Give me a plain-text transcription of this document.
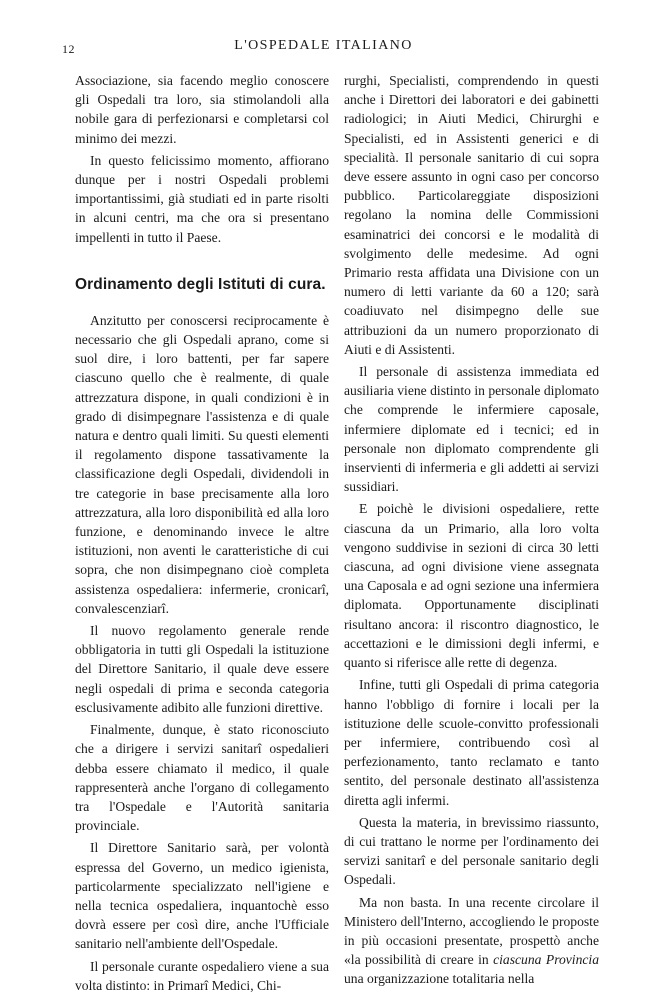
12	L'OSPEDALE ITALIANO

Associazione, sia facendo meglio conoscere gli Ospedali tra loro, sia stimolandoli alla nobile gara di perfezionarsi e completarsi col minimo dei mezzi.

In questo felicissimo momento, affiorano dunque per i nostri Ospedali problemi importantissimi, già studiati ed in parte risolti in alcuni centri, ma che ora si presentano impellenti in tutto il Paese.

Ordinamento degli Istituti di cura.

Anzitutto per conoscersi reciprocamente è necessario che gli Ospedali aprano, come si suol dire, i loro battenti, per far sapere ciascuno quello che è realmente, di quale attrezzatura dispone, in quali condizioni è in grado di disimpegnare l'assistenza e di quale natura e dentro quali limiti. Su questi elementi il regolamento dispone tassativamente la classificazione degli Ospedali, dividendoli in tre categorie in base precisamente alla loro attrezzatura, alla loro disponibilità ed alla loro funzione, e denominando invece le altre istituzioni, non aventi le caratteristiche di cui sopra, che non disimpegnano cioè completa assistenza ospedaliera: infermerie, cronicarî, convalescenziarî.

Il nuovo regolamento generale rende obbligatoria in tutti gli Ospedali la istituzione del Direttore Sanitario, il quale deve essere negli ospedali di prima e seconda categoria esclusivamente adibito alle funzioni direttive.

Finalmente, dunque, è stato riconosciuto che a dirigere i servizi sanitarî ospedalieri debba essere chiamato il medico, il quale rappresenterà anche l'organo di collegamento tra l'Ospedale e l'Autorità sanitaria provinciale.

Il Direttore Sanitario sarà, per volontà espressa del Governo, un medico igienista, particolarmente specializzato nell'igiene e nella tecnica ospedaliera, inquantochè esso dovrà essere per così dire, anche l'Ufficiale sanitario nell'ambiente dell'Ospedale.

Il personale curante ospedaliero viene a sua volta distinto: in Primarî Medici, Chi-

rurghi, Specialisti, comprendendo in questi anche i Direttori dei laboratori e dei gabinetti radiologici; in Aiuti Medici, Chirurghi e Specialisti, ed in Assistenti generici e di specialità. Il personale sanitario di cui sopra deve essere assunto in ogni caso per concorso pubblico. Particolareggiate disposizioni regolano la nomina delle Commissioni esaminatrici dei concorsi e le modalità di svolgimento delle medesime. Ad ogni Primario resta affidata una Divisione con un numero di letti variante da 60 a 120; sarà coadiuvato nel disimpegno delle sue attribuzioni da un numero proporzionato di Aiuti e di Assistenti.

Il personale di assistenza immediata ed ausiliaria viene distinto in personale diplomato che comprende le infermiere caposale, infermiere diplomate ed i tecnici; ed in personale non diplomato comprendente gli inservienti di infermeria e gli addetti ai servizi sussidiari.

E poichè le divisioni ospedaliere, rette ciascuna da un Primario, alla loro volta vengono suddivise in sezioni di circa 30 letti ciascuna, ad ogni divisione viene assegnata una Caposala e ad ogni sezione una infermiera diplomata. Opportunamente disciplinati risultano ancora: il riscontro diagnostico, le accettazioni e le dimissioni degli infermi, e quanto si riferisce alle rette di degenza.

Infine, tutti gli Ospedali di prima categoria hanno l'obbligo di fornire i locali per la istituzione delle scuole-convitto professionali per infermiere, contribuendo così al perfezionamento, tanto reclamato e tanto sentito, del personale destinato all'assistenza diretta agli infermi.

Questa la materia, in brevissimo riassunto, di cui trattano le norme per l'ordinamento dei servizi sanitarî e del personale sanitario degli Ospedali.

Ma non basta. In una recente circolare il Ministero dell'Interno, accogliendo le proposte in più occasioni presentate, prospettò anche «la possibilità di creare in ciascuna Provincia una organizzazione totalitaria nella
